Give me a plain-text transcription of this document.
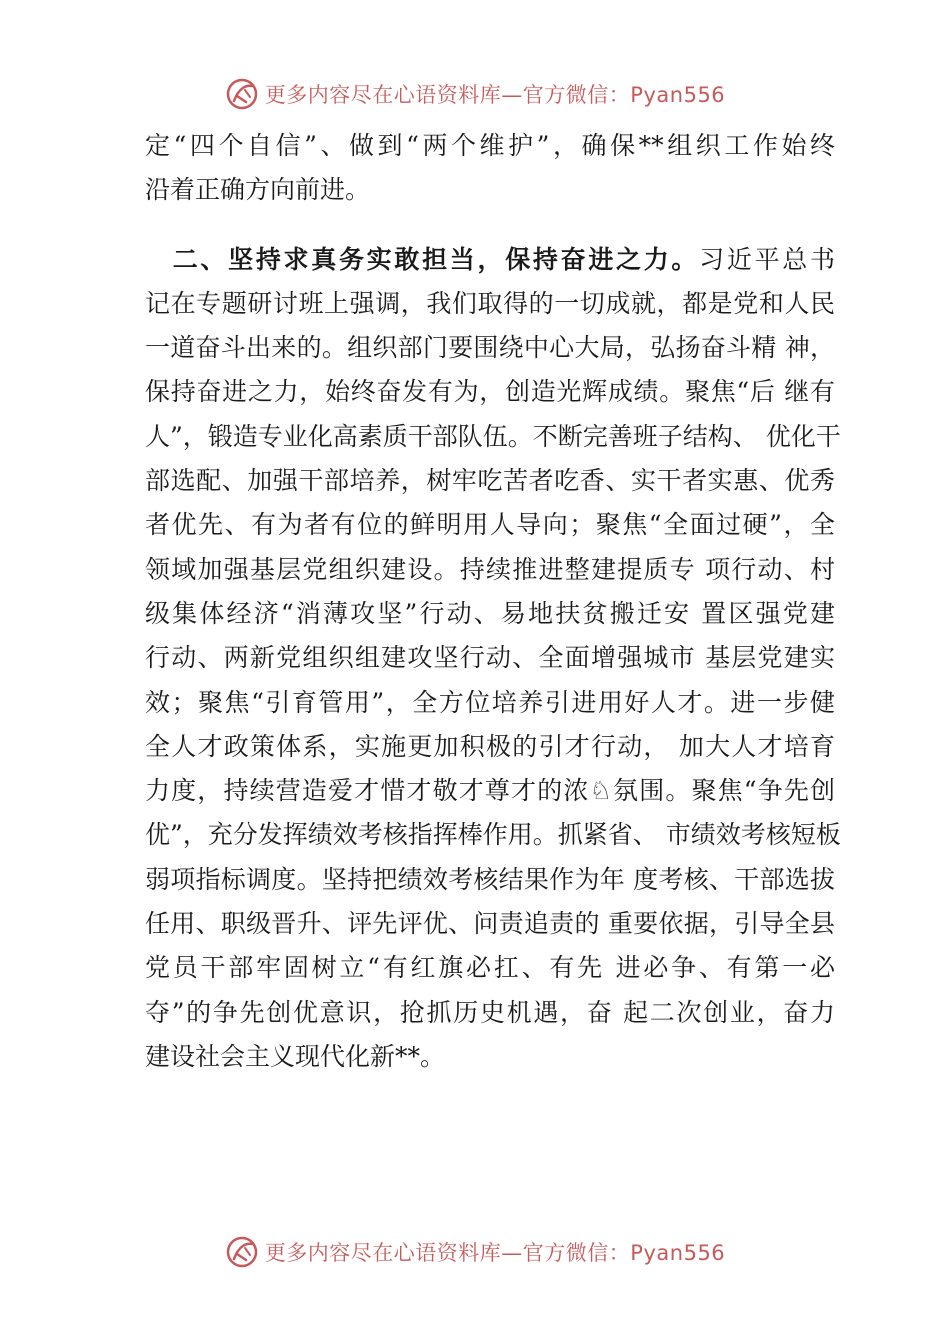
更多内容尽在心语资料库—官方微信：Pyan556
定“四个自信”、做到“两个维护”，确保**组织工作始终
沿着正确方向前进。
二、坚持求真务实敢担当，保持奋进之力。习近平总书
记在专题研讨班上强调，我们取得的一切成就，都是党和人民
一道奋斗出来的。组织部门要围绕中心大局，弘扬奋斗精 神，
保持奋进之力，始终奋发有为，创造光辉成绩。聚焦“后 继有
人”，锻造专业化高素质干部队伍。不断完善班子结构、 优化干
部选配、加强干部培养，树牢吃苦者吃香、实干者实惠、优秀
者优先、有为者有位的鲜明用人导向；聚焦“全面过硬”，全
领域加强基层党组织建设。持续推进整建提质专 项行动、村
级集体经济“消薄攻坚”行动、易地扶贫搬迁安 置区强党建
行动、两新党组织组建攻坚行动、全面增强城市 基层党建实
效；聚焦“引育管用”，全方位培养引进用好人才。进一步健
全人才政策体系，实施更加积极的引才行动， 加大人才培育
力度，持续营造爱才惜才敬才尊才的浓♘氛围。聚焦“争先创
优”，充分发挥绩效考核指挥棒作用。抓紧省、 市绩效考核短板
弱项指标调度。坚持把绩效考核结果作为年 度考核、干部选拔
任用、职级晋升、评先评优、问责追责的 重要依据，引导全县
党员干部牢固树立“有红旗必扛、有先 进必争、有第一必
夺”的争先创优意识，抢抓历史机遇，奋 起二次创业，奋力
建设社会主义现代化新**。
更多内容尽在心语资料库—官方微信：Pyan556
